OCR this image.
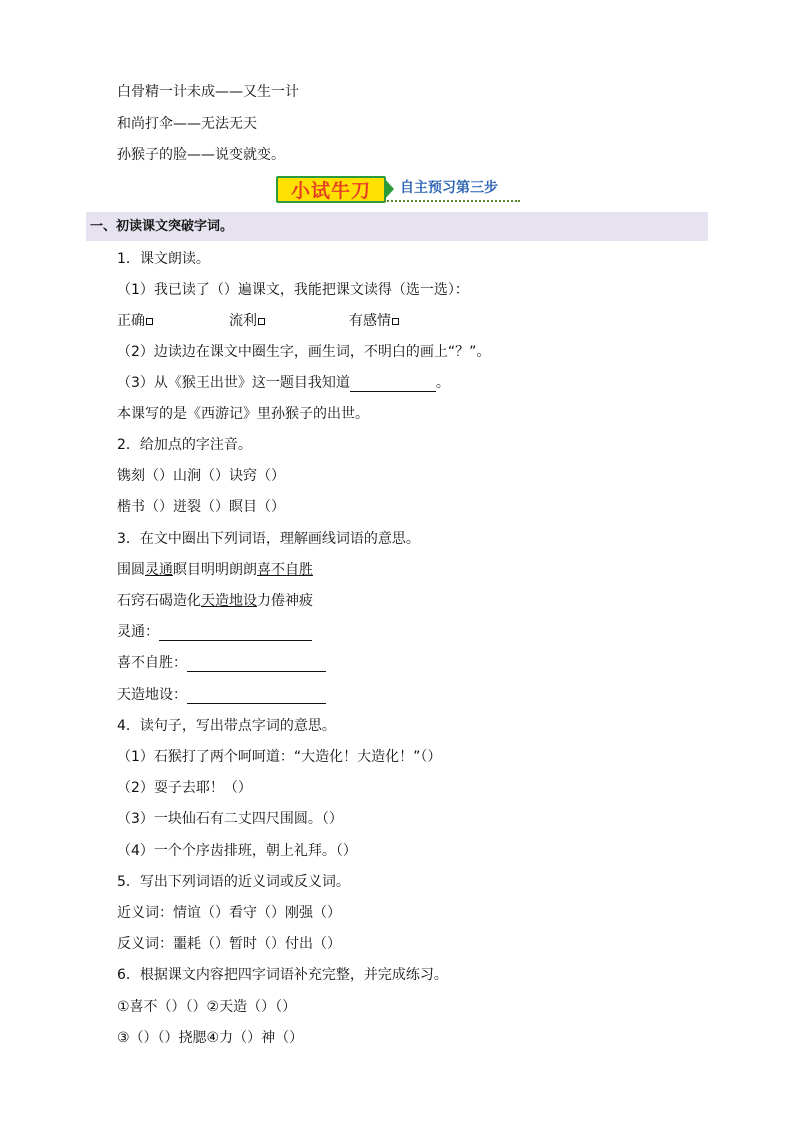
白骨精一计未成——又生一计
和尚打伞——无法无天
孙猴子的脸——说变就变。
小试牛刀	自主预习第三步
一、初读课文突破字词。
1．课文朗读。
（1）我已读了（）遍课文，我能把课文读得（选一选）：
正确	流利	有感情
（2）边读边在课文中圈生字，画生词，不明白的画上“？”。
（3）从《猴王出世》这一题目我知道	。
本课写的是《西游记》里孙猴子的出世。
2．给加点的字注音。
镌刻（）山涧（）诀窍（）
楷书（）迸裂（）瞑目（）
3．在文中圈出下列词语，理解画线词语的意思。
围圆灵通瞑目明明朗朗喜不自胜
石窍石碣造化天造地设力倦神疲
灵通：
喜不自胜：
天造地设：
4．读句子，写出带点字词的意思。
（1）石猴打了两个呵呵道：“大造化！大造化！”（）
（2）耍子去耶！（）
（3）一块仙石有二丈四尺围圆。（）
（4）一个个序齿排班，朝上礼拜。（）
5．写出下列词语的近义词或反义词。
近义词：情谊（）看守（）刚强（）
反义词：噩耗（）暂时（）付出（）
6．根据课文内容把四字词语补充完整，并完成练习。
①喜不（）（）②天造（）（）
③（）（）挠腮④力（）神（）
